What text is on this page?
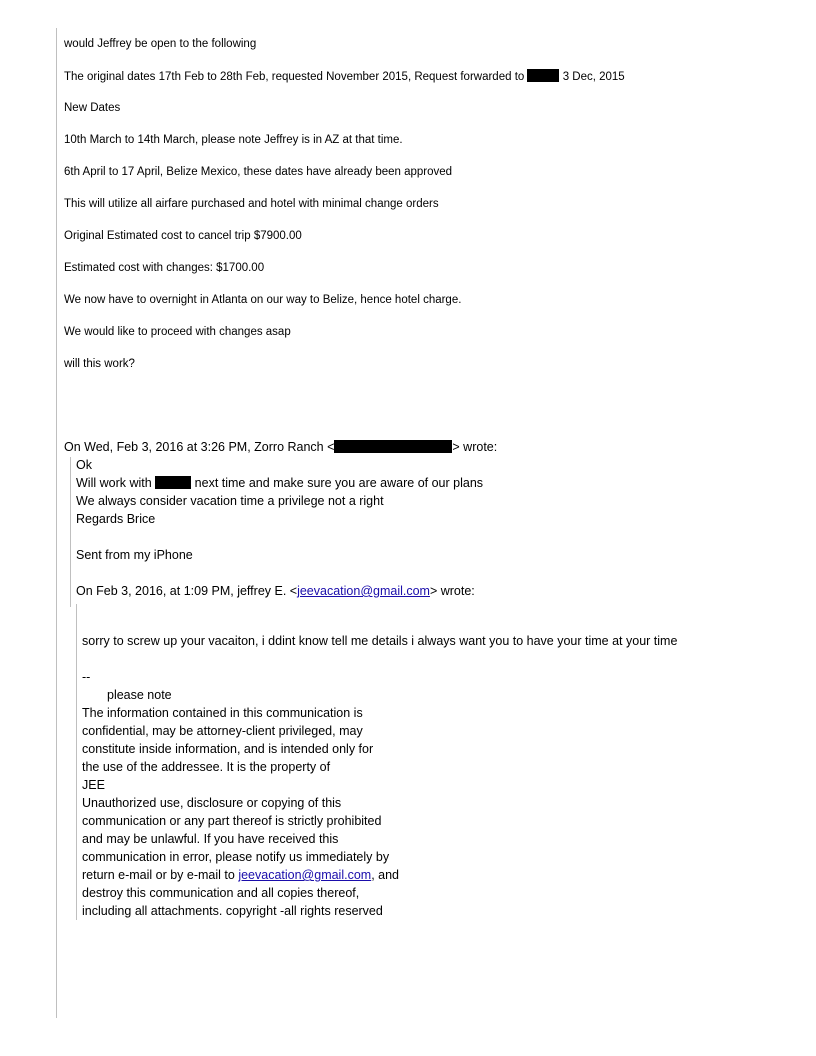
would Jeffrey be open to the following
The original dates 17th Feb to 28th Feb, requested November 2015, Request forwarded to	3 Dec, 2015
New Dates
10th March to 14th March, please note Jeffrey is in AZ at that time.
6th April to 17 April, Belize Mexico, these dates have already been approved
This will utilize all airfare purchased and hotel with minimal change orders
Original Estimated cost to cancel trip $7900.00
Estimated cost with changes: $1700.00
We now have to overnight in Atlanta on our way to Belize, hence hotel charge.
We would like to proceed with changes asap
will this work?
On Wed, Feb 3, 2016 at 3:26 PM, Zorro Ranch <	> wrote:
Ok
Will work with	next time and make sure you are aware of our plans
We always consider vacation time a privilege not a right
Regards Brice
Sent from my iPhone
On Feb 3, 2016, at 1:09 PM, jeffrey E. <jeevacation@gmail.com> wrote:
sorry to screw up your vacaiton, i ddint know tell me details i always want you to have your time at your time
--
please note
The information contained in this communication is
confidential, may be attorney-client privileged, may
constitute inside information, and is intended only for
the use of the addressee. It is the property of
JEE
Unauthorized use, disclosure or copying of this
communication or any part thereof is strictly prohibited
and may be unlawful. If you have received this
communication in error, please notify us immediately by
return e-mail or by e-mail to jeevacation@gmail.com, and
destroy this communication and all copies thereof,
including all attachments. copyright -all rights reserved
